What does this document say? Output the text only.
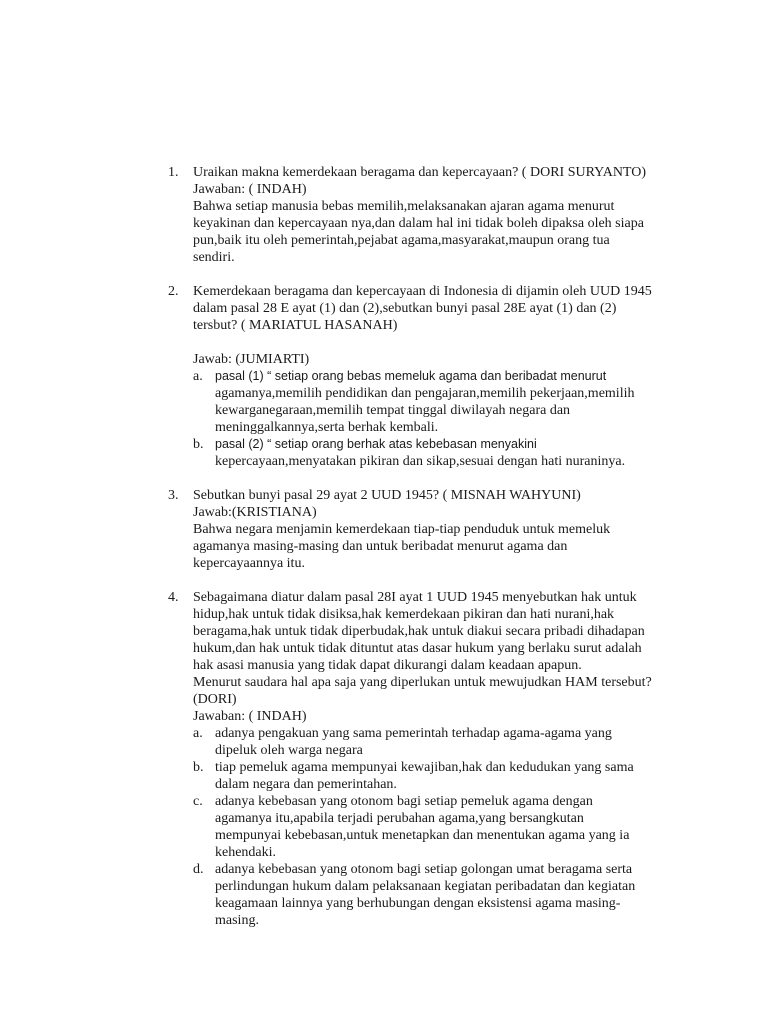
1. Uraikan makna kemerdekaan beragama dan kepercayaan? ( DORI SURYANTO)
Jawaban: ( INDAH)
Bahwa setiap manusia bebas memilih,melaksanakan ajaran agama menurut
keyakinan dan kepercayaan nya,dan dalam hal ini tidak boleh dipaksa oleh siapa
pun,baik itu oleh pemerintah,pejabat agama,masyarakat,maupun orang tua
sendiri.
2. Kemerdekaan beragama dan kepercayaan di Indonesia di dijamin oleh UUD 1945
dalam pasal 28 E ayat (1) dan (2),sebutkan bunyi pasal 28E ayat (1) dan (2)
tersbut? ( MARIATUL HASANAH)
Jawab: (JUMIARTI)
a. pasal (1) “ setiap orang bebas memeluk agama dan beribadat menurut
agamanya,memilih pendidikan dan pengajaran,memilih pekerjaan,memilih
kewarganegaraan,memilih tempat tinggal diwilayah negara dan
meninggalkannya,serta berhak kembali.
b. pasal (2) “ setiap orang berhak atas kebebasan menyakini
kepercayaan,menyatakan pikiran dan sikap,sesuai dengan hati nuraninya.
3. Sebutkan bunyi pasal 29 ayat 2 UUD 1945? ( MISNAH WAHYUNI)
Jawab:(KRISTIANA)
Bahwa negara menjamin kemerdekaan tiap-tiap penduduk untuk memeluk
agamanya masing-masing dan untuk beribadat menurut agama dan
kepercayaannya itu.
4. Sebagaimana diatur dalam pasal 28I ayat 1 UUD 1945 menyebutkan hak untuk
hidup,hak untuk tidak disiksa,hak kemerdekaan pikiran dan hati nurani,hak
beragama,hak untuk tidak diperbudak,hak untuk diakui secara pribadi dihadapan
hukum,dan hak untuk tidak dituntut atas dasar hukum yang berlaku surut adalah
hak asasi manusia yang tidak dapat dikurangi dalam keadaan apapun.
Menurut saudara hal apa saja yang diperlukan untuk mewujudkan HAM tersebut?
(DORI)
Jawaban: ( INDAH)
a. adanya pengakuan yang sama pemerintah terhadap agama-agama yang
dipeluk oleh warga negara
b. tiap pemeluk agama mempunyai kewajiban,hak dan kedudukan yang sama
dalam negara dan pemerintahan.
c. adanya kebebasan yang otonom bagi setiap pemeluk agama dengan
agamanya itu,apabila terjadi perubahan agama,yang bersangkutan
mempunyai kebebasan,untuk menetapkan dan menentukan agama yang ia
kehendaki.
d. adanya kebebasan yang otonom bagi setiap golongan umat beragama serta
perlindungan hukum dalam pelaksanaan kegiatan peribadatan dan kegiatan
keagamaan lainnya yang berhubungan dengan eksistensi agama masing-
masing.
